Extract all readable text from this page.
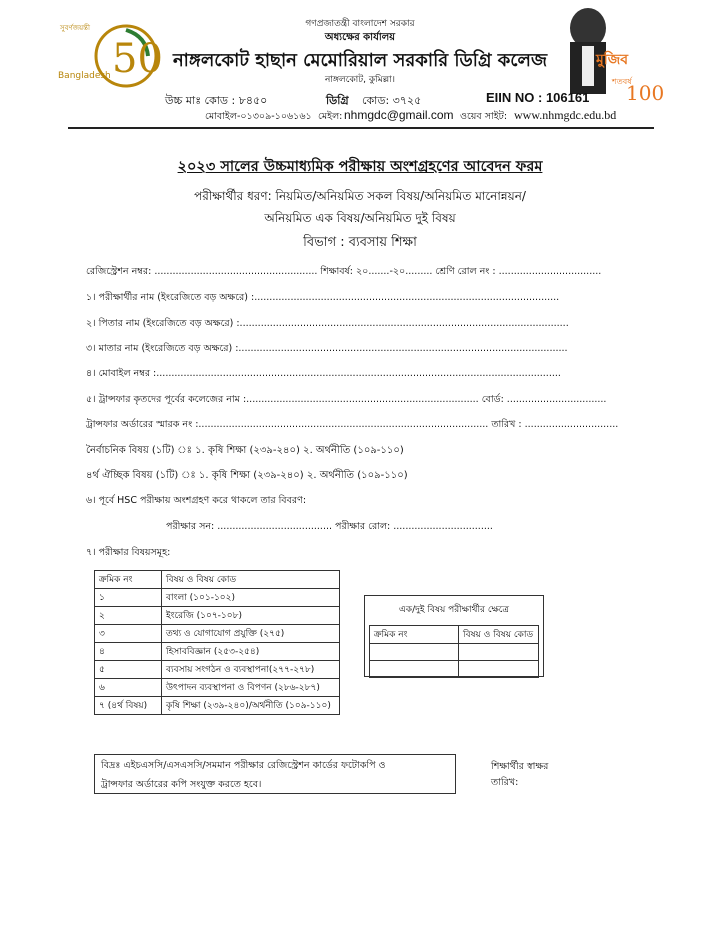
50
সুবর্ণজয়ন্তী
Bangladesh
মুজিব
শতবর্ষ
100
গণপ্রজাতন্ত্রী বাংলাদেশ সরকার
অধ্যক্ষের কার্যালয়
নাঙ্গলকোট হাছান মেমোরিয়াল সরকারি ডিগ্রি কলেজ
নাঙ্গলকোট, কুমিল্লা।
উচ্চ মাঃ কোড : ৮৪৫০	ডিগ্রি কোড: ৩৭২৫	EIIN NO : 106161
মোবাইল-০১৩০৯-১০৬১৬১ মেইল: nhmgdc@gmail.com ওয়েব সাইট: www.nhmgdc.edu.bd
২০২৩ সালের উচ্চমাধ্যমিক পরীক্ষায় অংশগ্রহণের আবেদন ফরম
পরীক্ষার্থীর ধরণ: নিয়মিত/অনিয়মিত সকল বিষয়/অনিয়মিত মানোন্নয়ন/
অনিয়মিত এক বিষয়/অনিয়মিত দুই বিষয়
বিভাগ : ব্যবসায় শিক্ষা
রেজিস্ট্রেশন নম্বর: ...................................................... শিক্ষাবর্ষ: ২০.......-২০......... শ্রেণি রোল নং : ..................................
১। পরীক্ষার্থীর নাম (ইংরেজিতে বড় অক্ষরে) :.....................................................................................................
২। পিতার নাম (ইংরেজিতে বড় অক্ষরে) :.............................................................................................................
৩। মাতার নাম (ইংরেজিতে বড় অক্ষরে) :.............................................................................................................
৪। মোবাইল নম্বর :......................................................................................................................................
৫। ট্রান্সফার কৃতদের পূর্বের কলেজের নাম :............................................................................. বোর্ড: .................................
ট্রান্সফার অর্ডারের স্মারক নং :................................................................................................ তারিখ : ...............................
নৈর্বাচনিক বিষয় (১টি) ঃ ১. কৃষি শিক্ষা (২৩৯-২৪০) ২. অর্থনীতি (১০৯-১১০)
৪র্থ ঐচ্ছিক বিষয় (১টি) ঃ ১. কৃষি শিক্ষা (২৩৯-২৪০) ২. অর্থনীতি (১০৯-১১০)
৬। পূর্বে HSC পরীক্ষায় অংশগ্রহণ করে থাকলে তার বিবরণ:
পরীক্ষার সন: ...................................... পরীক্ষার রোল: .................................
৭। পরীক্ষার বিষয়সমূহ:
ক্রমিক নং	বিষয় ও বিষয় কোড
১	বাংলা (১০১-১০২)
২	ইংরেজি (১০৭-১০৮)
৩	তথ্য ও যোগাযোগ প্রযুক্তি (২৭৫)
৪	হিসাববিজ্ঞান (২৫৩-২৫৪)
৫	ব্যবসায় সংগঠন ও ব্যবস্থাপনা(২৭৭-২৭৮)
৬	উৎপাদন ব্যবস্থাপনা ও বিপণন (২৮৬-২৮৭)
৭ (৪র্থ বিষয়)	কৃষি শিক্ষা (২৩৯-২৪০)/অর্থনীতি (১০৯-১১০)
এক/দুই বিষয় পরীক্ষার্থীর ক্ষেত্রে
ক্রমিক নং	বিষয় ও বিষয় কোড

বিদ্রঃ এইচএসসি/এসএসসি/সমমান পরীক্ষার রেজিস্ট্রেশন কার্ডের ফটোকপি ও
ট্রান্সফার অর্ডারের কপি সংযুক্ত করতে হবে।
শিক্ষার্থীর স্বাক্ষর
তারিখ:
